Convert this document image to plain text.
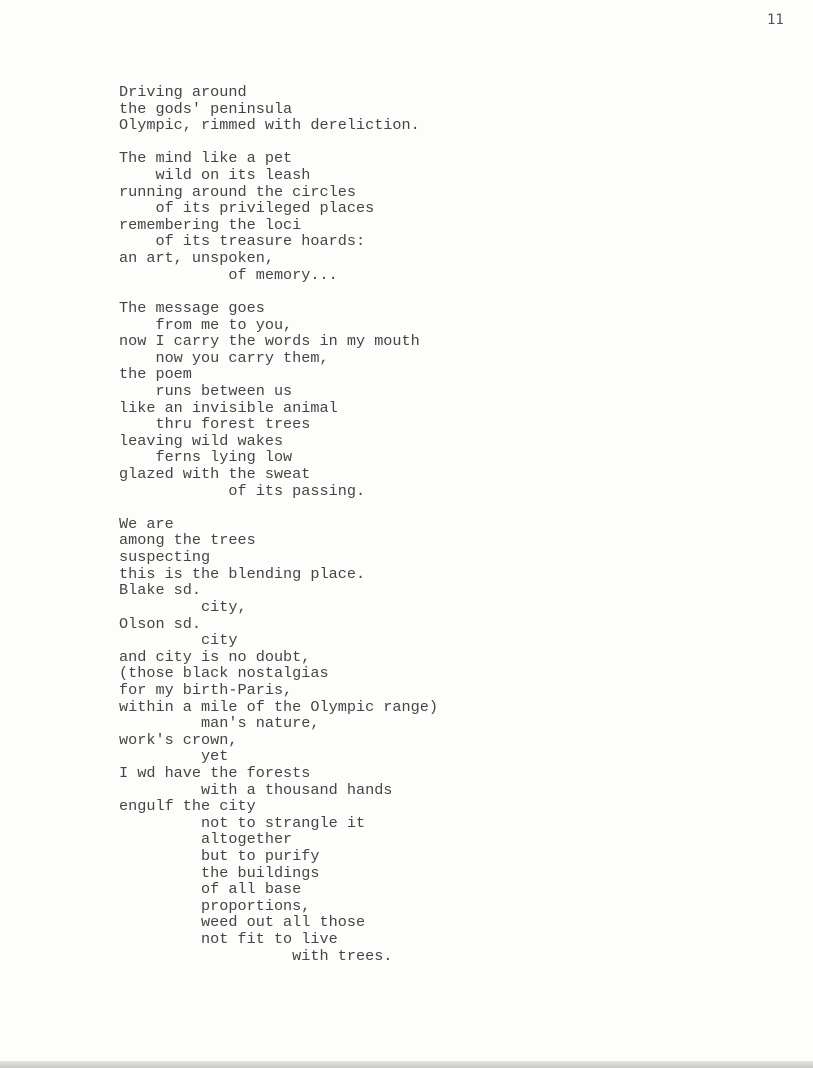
11
Driving around
the gods' peninsula
Olympic, rimmed with dereliction.
The mind like a pet
wild on its leash
running around the circles
of its privileged places
remembering the loci
of its treasure hoards:
an art, unspoken,
of memory...
The message goes
from me to you,
now I carry the words in my mouth
now you carry them,
the poem
runs between us
like an invisible animal
thru forest trees
leaving wild wakes
ferns lying low
glazed with the sweat
of its passing.
We are
among the trees
suspecting
this is the blending place.
Blake sd.
city,
Olson sd.
city
and city is no doubt,
(those black nostalgias
for my birth-Paris,
within a mile of the Olympic range)
man's nature,
work's crown,
yet
I wd have the forests
with a thousand hands
engulf the city
not to strangle it
altogether
but to purify
the buildings
of all base
proportions,
weed out all those
not fit to live
with trees.
